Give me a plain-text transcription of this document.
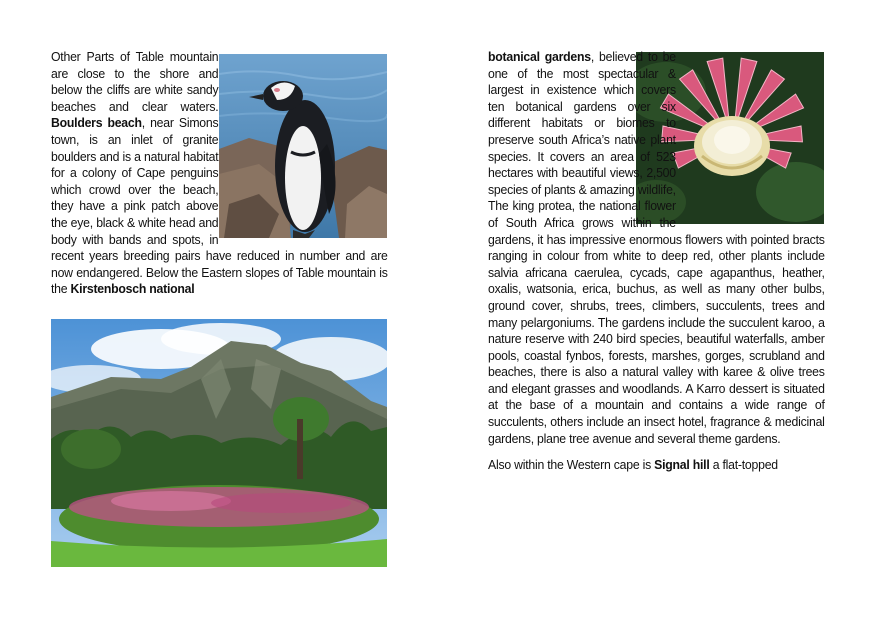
Other Parts of Table mountain are close to the shore and below the cliffs are white sandy beaches and clear waters. Boulders beach, near Simons town, is an inlet of granite boulders and is a natural habitat for a colony of Cape penguins which crowd over the beach, they have a pink patch above the eye, black & white head and body with bands and spots, in recent years breeding pairs have reduced in number and are now endangered. Below the Eastern slopes of Table mountain is the Kirstenbosch national

botanical gardens, believed to be one of the most spectacular & largest in existence which covers ten botanical gardens over six different habitats or biomes to preserve south Africa’s native plant species. It covers an area of 523 hectares with beautiful views, 2,500 species of plants & amazing wildlife, The king protea, the national flower of South Africa grows within the gardens, it has impressive enormous flowers with pointed bracts ranging in colour from white to deep red, other plants include salvia africana caerulea, cycads, cape agapanthus, heather, oxalis, watsonia, erica, buchus, as well as many other bulbs, ground cover, shrubs, trees, climbers, succulents, trees and many pelargoniums. The gardens include the succulent karoo, a nature reserve with 240 bird species, beautiful waterfalls, amber pools, coastal fynbos, forests, marshes, gorges, scrubland and beaches, there is also a natural valley with karee & olive trees and elegant grasses and woodlands. A Karro dessert is situated at the base of a mountain and contains a wide range of succulents, others include an insect hotel, fragrance & medicinal gardens, plane tree avenue and several theme gardens.

Also within the Western cape is Signal hill a flat-topped
